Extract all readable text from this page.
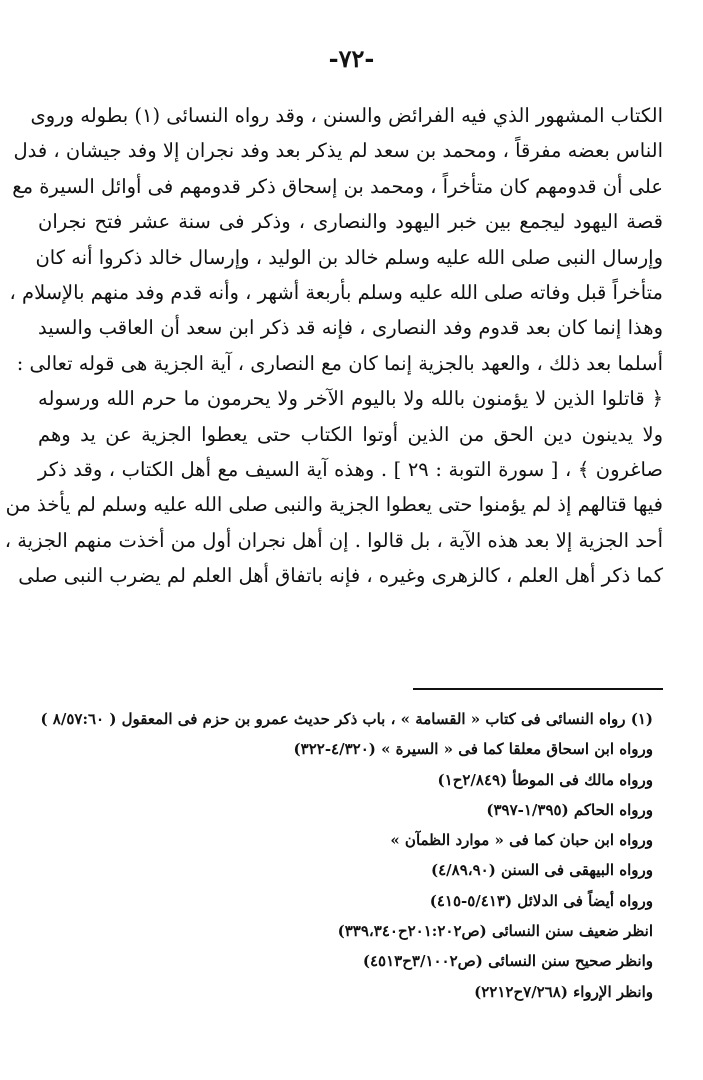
-٧٢-
الكتاب المشهور الذي فيه الفرائض والسنن ، وقد رواه النسائى (١) بطوله وروى
الناس بعضه مفرقاً ، ومحمد بن سعد لم يذكر بعد وفد نجران إلا وفد جيشان ، فدل
على أن قدومهم كان متأخراً ، ومحمد بن إسحاق ذكر قدومهم فى أوائل السيرة مع
قصة اليهود ليجمع بين خبر اليهود والنصارى ، وذكر فى سنة عشر فتح نجران
وإرسال النبى صلى الله عليه وسلم خالد بن الوليد ، وإرسال خالد ذكروا أنه كان
متأخراً قبل وفاته صلى الله عليه وسلم بأربعة أشهر ، وأنه قدم وفد منهم بالإسلام ،
وهذا إنما كان بعد قدوم وفد النصارى ، فإنه قد ذكر ابن سعد أن العاقب والسيد
أسلما بعد ذلك ، والعهد بالجزية إنما كان مع النصارى ، آية الجزية هى قوله تعالى :
﴿ قاتلوا الذين لا يؤمنون بالله ولا باليوم الآخر ولا يحرمون ما حرم الله ورسوله
ولا يدينون دين الحق من الذين أوتوا الكتاب حتى يعطوا الجزية عن يد وهم
صاغرون ﴾ ، [ سورة التوبة : ٢٩ ] . وهذه آية السيف مع أهل الكتاب ، وقد ذكر
فيها قتالهم إذ لم يؤمنوا حتى يعطوا الجزية والنبى صلى الله عليه وسلم لم يأخذ من
أحد الجزية إلا بعد هذه الآية ، بل قالوا . إن أهل نجران أول من أخذت منهم الجزية ،
كما ذكر أهل العلم ، كالزهرى وغيره ، فإنه باتفاق أهل العلم لم يضرب النبى صلى
(١) رواه النسائى فى كتاب « القسامة » ، باب ذكر حديث عمرو بن حزم فى المعقول ( ٨/٥٧:٦٠ )
ورواه ابن اسحاق معلقا كما فى « السيرة » (٤/٣٢٠-٣٢٢)
ورواه مالك فى الموطأ (٢/٨٤٩ح١)
ورواه الحاكم (١/٣٩٥-٣٩٧)
ورواه ابن حبان كما فى « موارد الظمآن »
ورواه البيهقى فى السنن (٤/٨٩،٩٠)
ورواه أيضاً فى الدلائل (٥/٤١٣-٤١٥)
انظر ضعيف سنن النسائى (ص٢٠١:٢٠٢ح٣٣٩،٣٤٠)
وانظر صحيح سنن النسائى (ص٣/١٠٠٢ح٤٥١٣)
وانظر الإرواء (٧/٢٦٨ح٢٢١٢)
